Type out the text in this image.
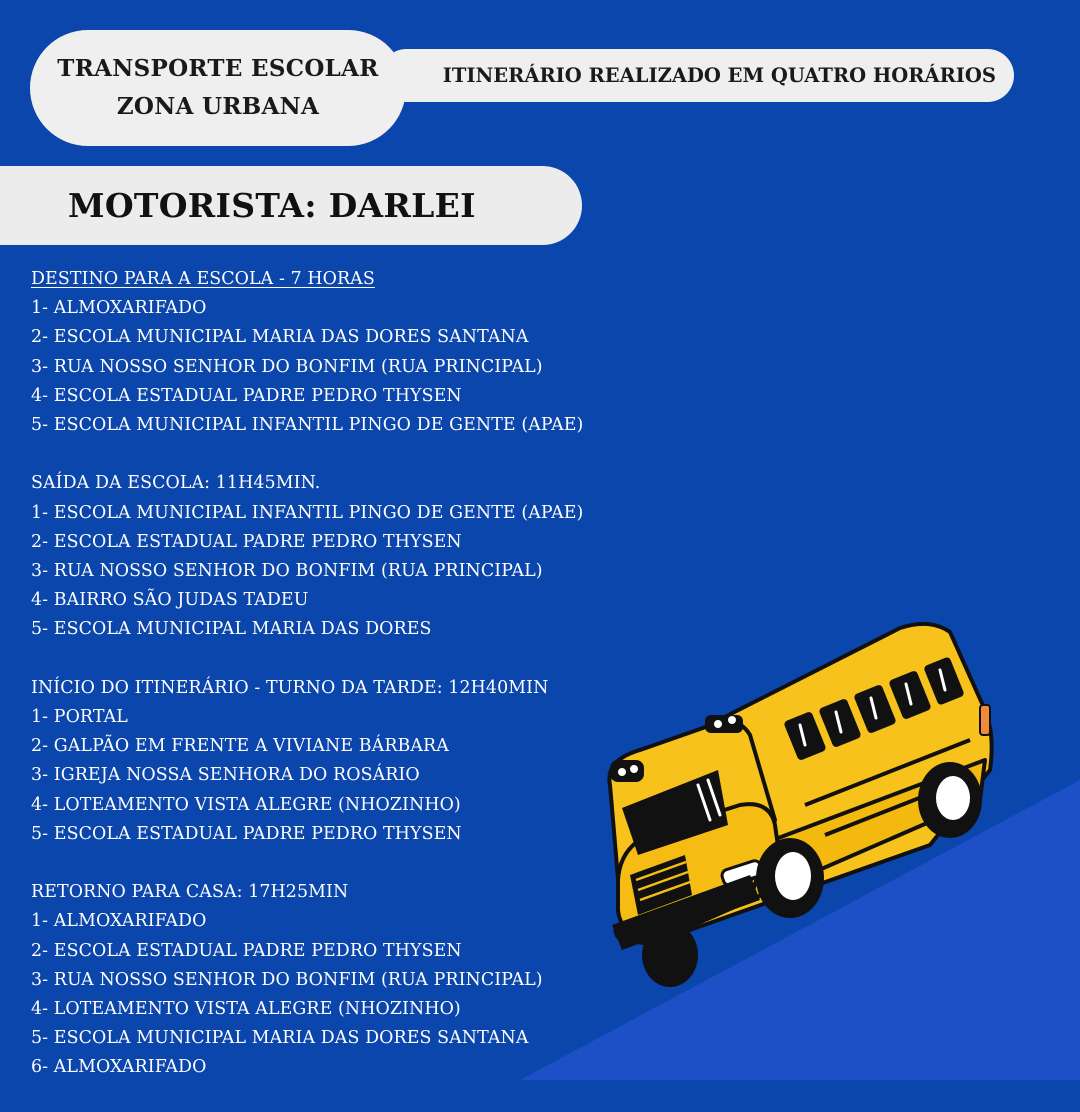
ITINERÁRIO REALIZADO EM QUATRO HORÁRIOS
TRANSPORTE ESCOLAR
ZONA URBANA
MOTORISTA: DARLEI
DESTINO PARA A ESCOLA - 7 HORAS
1- ALMOXARIFADO
2- ESCOLA MUNICIPAL MARIA DAS DORES SANTANA
3- RUA NOSSO SENHOR DO BONFIM (RUA PRINCIPAL)
4- ESCOLA ESTADUAL PADRE PEDRO THYSEN
5- ESCOLA MUNICIPAL INFANTIL PINGO DE GENTE (APAE)
SAÍDA DA ESCOLA: 11H45MIN.
1- ESCOLA MUNICIPAL INFANTIL PINGO DE GENTE (APAE)
2- ESCOLA ESTADUAL PADRE PEDRO THYSEN
3- RUA NOSSO SENHOR DO BONFIM (RUA PRINCIPAL)
4- BAIRRO SÃO JUDAS TADEU
5- ESCOLA MUNICIPAL MARIA DAS DORES
INÍCIO DO ITINERÁRIO - TURNO DA TARDE: 12H40MIN
1- PORTAL
2- GALPÃO EM FRENTE A VIVIANE BÁRBARA
3- IGREJA NOSSA SENHORA DO ROSÁRIO
4- LOTEAMENTO VISTA ALEGRE (NHOZINHO)
5- ESCOLA ESTADUAL PADRE PEDRO THYSEN
RETORNO PARA CASA: 17H25MIN
1- ALMOXARIFADO
2- ESCOLA ESTADUAL PADRE PEDRO THYSEN
3- RUA NOSSO SENHOR DO BONFIM (RUA PRINCIPAL)
4- LOTEAMENTO VISTA ALEGRE (NHOZINHO)
5- ESCOLA MUNICIPAL MARIA DAS DORES SANTANA
6- ALMOXARIFADO
